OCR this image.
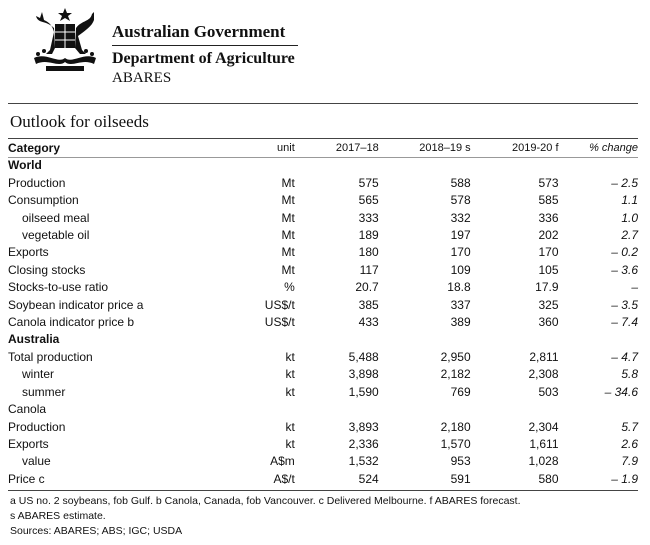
Australian Government
Department of Agriculture
ABARES
Outlook for oilseeds
Category	unit	2017–18	2018–19 s	2019-20 f	% change
World					
Production	Mt	575	588	573	– 2.5
Consumption	Mt	565	578	585	1.1
oilseed meal	Mt	333	332	336	1.0
vegetable oil	Mt	189	197	202	2.7
Exports	Mt	180	170	170	– 0.2
Closing stocks	Mt	117	109	105	– 3.6
Stocks-to-use ratio	%	20.7	18.8	17.9	–
Soybean indicator price a	US$/t	385	337	325	– 3.5
Canola indicator price b	US$/t	433	389	360	– 7.4
Australia					
Total production	kt	5,488	2,950	2,811	– 4.7
winter	kt	3,898	2,182	2,308	5.8
summer	kt	1,590	769	503	– 34.6
Canola					
Production	kt	3,893	2,180	2,304	5.7
Exports	kt	2,336	1,570	1,611	2.6
value	A$m	1,532	953	1,028	7.9
Price c	A$/t	524	591	580	– 1.9
a US no. 2 soybeans, fob Gulf. b Canola, Canada, fob Vancouver. c Delivered Melbourne. f ABARES forecast.
s ABARES estimate.
Sources: ABARES; ABS; IGC; USDA
